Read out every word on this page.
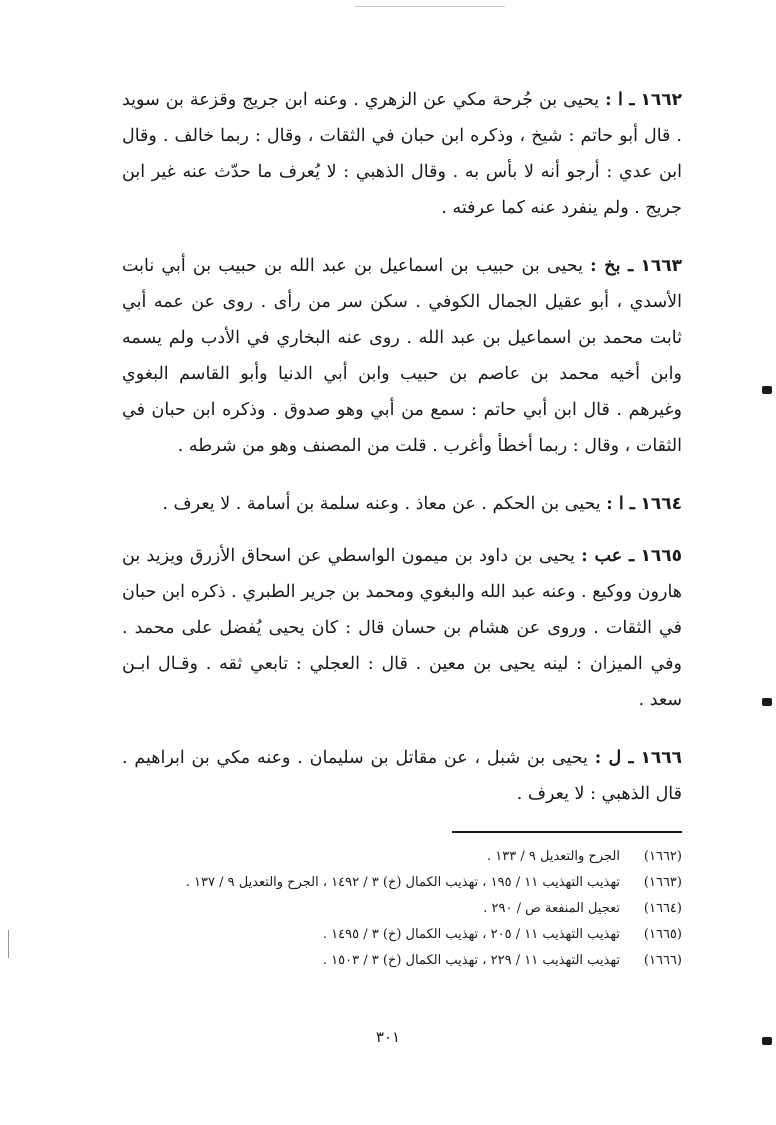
١٦٦٢ ـ ا : يحيى بن جُرحة مكي عن الزهري . وعنه ابن جريج وقزعة بن سويد . قال أبو حاتم : شيخ ، وذكره ابن حبان في الثقات ، وقال : ربما خالف . وقال ابن عدي : أرجو أنه لا بأس به . وقال الذهبي : لا يُعرف ما حدّث عنه غير ابن جريج . ولم ينفرد عنه كما عرفته .

١٦٦٣ ـ بخ : يحيى بن حبيب بن اسماعيل بن عبد الله بن حبيب بن أبي نابت الأسدي ، أبو عقيل الجمال الكوفي . سكن سر من رأى . روى عن عمه أبي ثابت محمد بن اسماعيل بن عبد الله . روى عنه البخاري في الأدب ولم يسمه وابن أخيه محمد بن عاصم بن حبيب وابن أبي الدنيا وأبو القاسم البغوي وغيرهم . قال ابن أبي حاتم : سمع من أبي وهو صدوق . وذكره ابن حبان في الثقات ، وقال : ربما أخطأ وأغرب . قلت من المصنف وهو من شرطه .

١٦٦٤ ـ ا : يحيى بن الحكم . عن معاذ . وعنه سلمة بن أسامة . لا يعرف .

١٦٦٥ ـ عب : يحيى بن داود بن ميمون الواسطي عن اسحاق الأزرق ويزيد بن هارون ووكيع . وعنه عبد الله والبغوي ومحمد بن جرير الطبري . ذكره ابن حبان في الثقات . وروى عن هشام بن حسان قال : كان يحيى يُفضل على محمد . وفي الميزان : لينه يحيى بن معين . قال : العجلي : تابعي ثقه . وقـال ابـن سعد .

١٦٦٦ ـ ل : يحيى بن شبل ، عن مقاتل بن سليمان . وعنه مكي بن ابراهيم . قال الذهبي : لا يعرف .

(١٦٦٢)
الجرح والتعديل ٩ / ١٣٣ .
(١٦٦٣)
تهذيب التهذيب ١١ / ١٩٥ ، تهذيب الكمال (خ) ٣ / ١٤٩٢ ، الجرح والتعديل ٩ / ١٣٧ .
(١٦٦٤)
تعجيل المنفعة ص / ٢٩٠ .
(١٦٦٥)
تهذيب التهذيب ١١ / ٢٠٥ ، تهذيب الكمال (خ) ٣ / ١٤٩٥ .
(١٦٦٦)
تهذيب التهذيب ١١ / ٢٢٩ ، تهذيب الكمال (خ) ٣ / ١٥٠٣ .
٣٠١
